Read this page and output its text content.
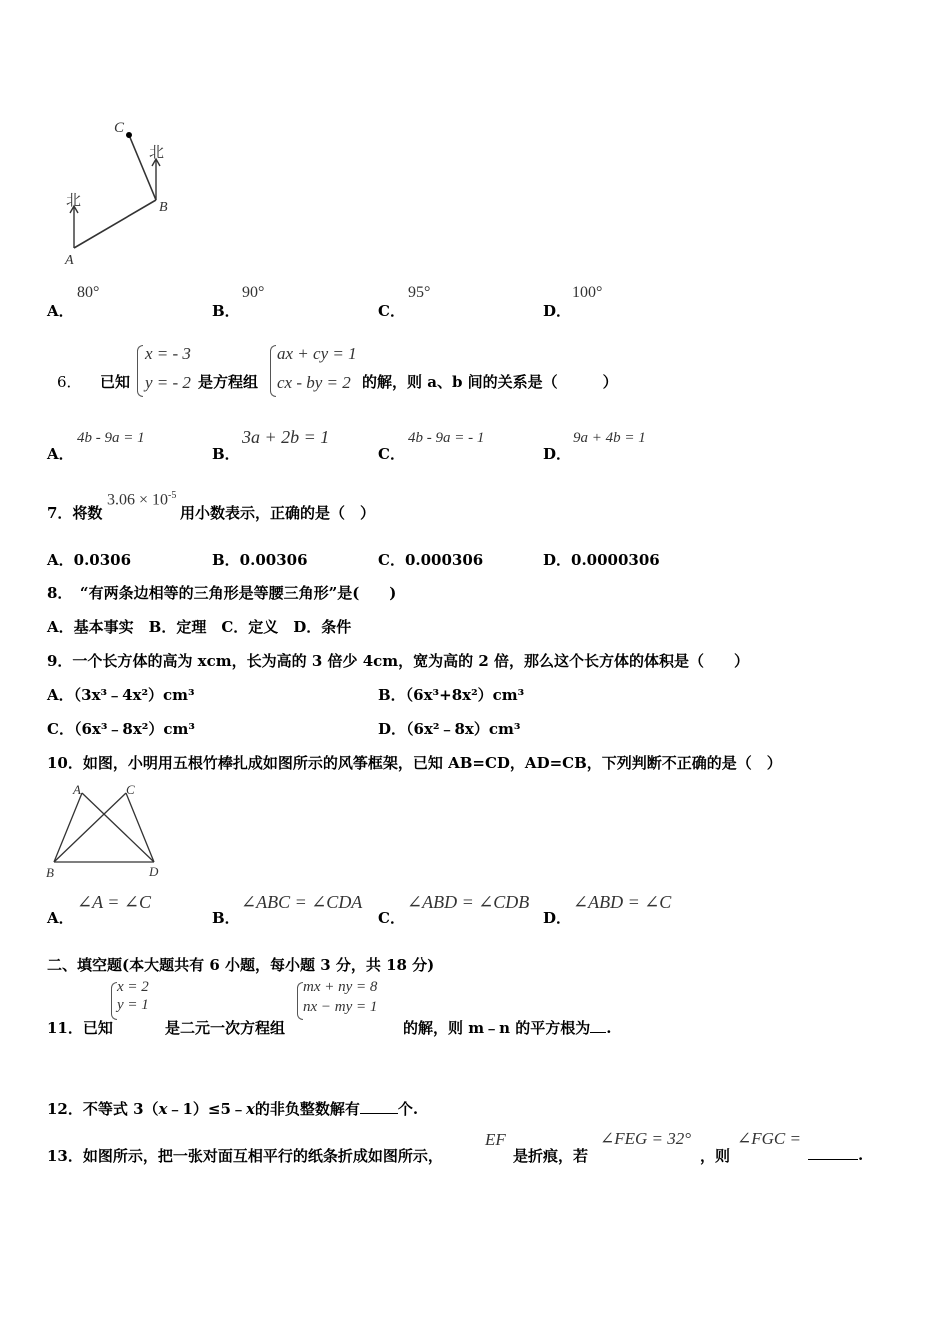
C
B
A
北
北
A．
80°
B．
90°
C．
95°
D．
100°
6． 已知
x = - 3
y = - 2 是方程组
ax + cy = 1
cx - by = 2 的解，则 a、b 间的关系是（　　　）
A．
4b - 9a = 1
B．
3a + 2b = 1
C．
4b - 9a = - 1
D．
9a + 4b = 1
7．将数
$3.06 \times 10^{-5}$
用小数表示，正确的是（　）
A．0.0306	B．0.00306	C．0.000306	D．0.0000306
8．　“有两条边相等的三角形是等腰三角形”是(　　)
A．基本事实　B．定理　C．定义　D．条件
9．一个长方体的高为 xcm，长为高的 3 倍少 4cm，宽为高的 2 倍，那么这个长方体的体积是（　　）
A．（3x³﹣4x²）cm³	B．（6x³+8x²）cm³
C．（6x³﹣8x²）cm³	D．（6x²﹣8x）cm³
10．如图，小明用五根竹棒扎成如图所示的风筝框架，已知 AB=CD，AD=CB，下列判断不正确的是（　）
A	C
B	D
A．
∠A = ∠C
B．
∠ABC = ∠CDA
C．
∠ABD = ∠CDB
D．
∠ABD = ∠C
二、填空题(本大题共有 6 小题，每小题 3 分，共 18 分)
11．已知
x = 2
y = 1
是二元一次方程组
mx + ny = 8
nx − my = 1
的解，则 m﹣n 的平方根为 .
12．不等式 3（x﹣1）≤5﹣x的非负整数解有	个.
13．如图所示，把一张对面互相平行的纸条折成如图所示，
EF
是折痕，若
∠FEG = 32°
，则
∠FGC =
.
